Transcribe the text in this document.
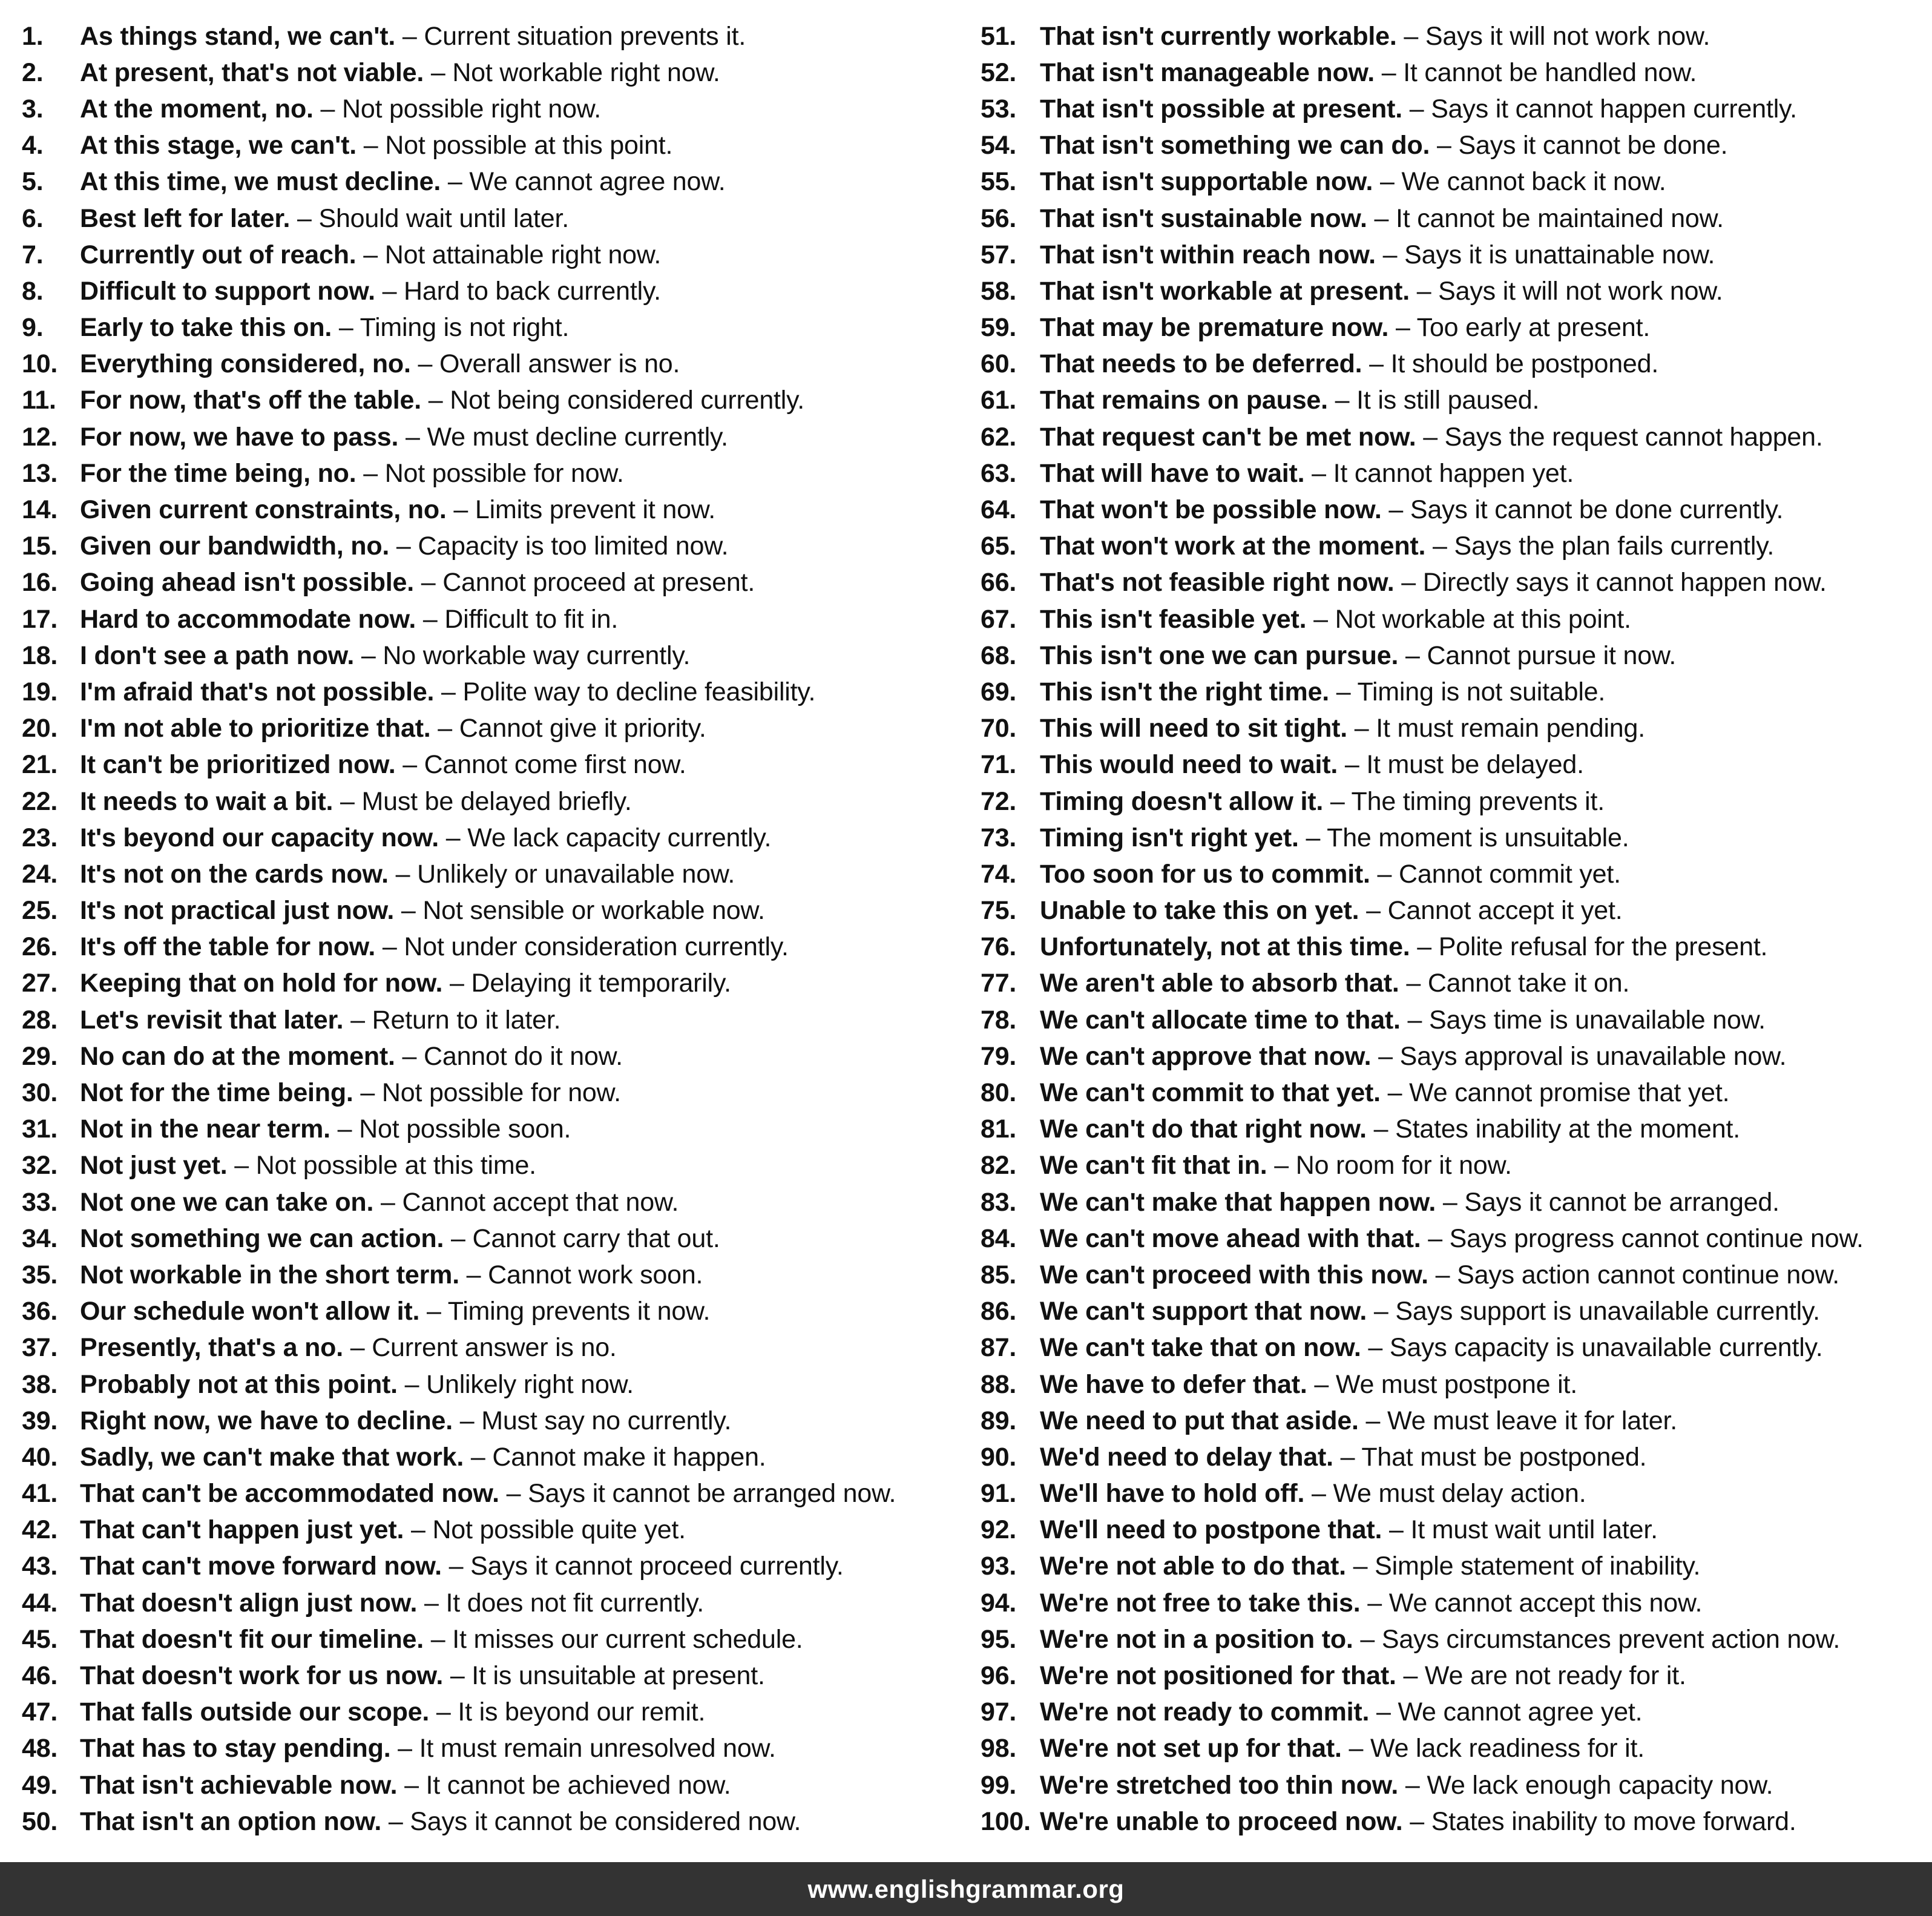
1.	As things stand, we can't. – Current situation prevents it.
2.	At present, that's not viable. – Not workable right now.
3.	At the moment, no. – Not possible right now.
4.	At this stage, we can't. – Not possible at this point.
5.	At this time, we must decline. – We cannot agree now.
6.	Best left for later. – Should wait until later.
7.	Currently out of reach. – Not attainable right now.
8.	Difficult to support now. – Hard to back currently.
9.	Early to take this on. – Timing is not right.
10. Everything considered, no. – Overall answer is no.
11. For now, that's off the table. – Not being considered currently.
12. For now, we have to pass. – We must decline currently.
13. For the time being, no. – Not possible for now.
14. Given current constraints, no. – Limits prevent it now.
15. Given our bandwidth, no. – Capacity is too limited now.
16. Going ahead isn't possible. – Cannot proceed at present.
17. Hard to accommodate now. – Difficult to fit in.
18. I don't see a path now. – No workable way currently.
19. I'm afraid that's not possible. – Polite way to decline feasibility.
20. I'm not able to prioritize that. – Cannot give it priority.
21. It can't be prioritized now. – Cannot come first now.
22. It needs to wait a bit. – Must be delayed briefly.
23. It's beyond our capacity now. – We lack capacity currently.
24. It's not on the cards now. – Unlikely or unavailable now.
25. It's not practical just now. – Not sensible or workable now.
26. It's off the table for now. – Not under consideration currently.
27. Keeping that on hold for now. – Delaying it temporarily.
28. Let's revisit that later. – Return to it later.
29. No can do at the moment. – Cannot do it now.
30. Not for the time being. – Not possible for now.
31. Not in the near term. – Not possible soon.
32. Not just yet. – Not possible at this time.
33. Not one we can take on. – Cannot accept that now.
34. Not something we can action. – Cannot carry that out.
35. Not workable in the short term. – Cannot work soon.
36. Our schedule won't allow it. – Timing prevents it now.
37. Presently, that's a no. – Current answer is no.
38. Probably not at this point. – Unlikely right now.
39. Right now, we have to decline. – Must say no currently.
40. Sadly, we can't make that work. – Cannot make it happen.
41. That can't be accommodated now. – Says it cannot be arranged now.
42. That can't happen just yet. – Not possible quite yet.
43. That can't move forward now. – Says it cannot proceed currently.
44. That doesn't align just now. – It does not fit currently.
45. That doesn't fit our timeline. – It misses our current schedule.
46. That doesn't work for us now. – It is unsuitable at present.
47. That falls outside our scope. – It is beyond our remit.
48. That has to stay pending. – It must remain unresolved now.
49. That isn't achievable now. – It cannot be achieved now.
50. That isn't an option now. – Says it cannot be considered now.
51. That isn't currently workable. – Says it will not work now.
52. That isn't manageable now. – It cannot be handled now.
53. That isn't possible at present. – Says it cannot happen currently.
54. That isn't something we can do. – Says it cannot be done.
55. That isn't supportable now. – We cannot back it now.
56. That isn't sustainable now. – It cannot be maintained now.
57. That isn't within reach now. – Says it is unattainable now.
58. That isn't workable at present. – Says it will not work now.
59. That may be premature now. – Too early at present.
60. That needs to be deferred. – It should be postponed.
61. That remains on pause. – It is still paused.
62. That request can't be met now. – Says the request cannot happen.
63. That will have to wait. – It cannot happen yet.
64. That won't be possible now. – Says it cannot be done currently.
65. That won't work at the moment. – Says the plan fails currently.
66. That's not feasible right now. – Directly says it cannot happen now.
67. This isn't feasible yet. – Not workable at this point.
68. This isn't one we can pursue. – Cannot pursue it now.
69. This isn't the right time. – Timing is not suitable.
70. This will need to sit tight. – It must remain pending.
71. This would need to wait. – It must be delayed.
72. Timing doesn't allow it. – The timing prevents it.
73. Timing isn't right yet. – The moment is unsuitable.
74. Too soon for us to commit. – Cannot commit yet.
75. Unable to take this on yet. – Cannot accept it yet.
76. Unfortunately, not at this time. – Polite refusal for the present.
77. We aren't able to absorb that. – Cannot take it on.
78. We can't allocate time to that. – Says time is unavailable now.
79. We can't approve that now. – Says approval is unavailable now.
80. We can't commit to that yet. – We cannot promise that yet.
81. We can't do that right now. – States inability at the moment.
82. We can't fit that in. – No room for it now.
83. We can't make that happen now. – Says it cannot be arranged.
84. We can't move ahead with that. – Says progress cannot continue now.
85. We can't proceed with this now. – Says action cannot continue now.
86. We can't support that now. – Says support is unavailable currently.
87. We can't take that on now. – Says capacity is unavailable currently.
88. We have to defer that. – We must postpone it.
89. We need to put that aside. – We must leave it for later.
90. We'd need to delay that. – That must be postponed.
91. We'll have to hold off. – We must delay action.
92. We'll need to postpone that. – It must wait until later.
93. We're not able to do that. – Simple statement of inability.
94. We're not free to take this. – We cannot accept this now.
95. We're not in a position to. – Says circumstances prevent action now.
96. We're not positioned for that. – We are not ready for it.
97. We're not ready to commit. – We cannot agree yet.
98. We're not set up for that. – We lack readiness for it.
99. We're stretched too thin now. – We lack enough capacity now.
100. We're unable to proceed now. – States inability to move forward.
www.englishgrammar.org
